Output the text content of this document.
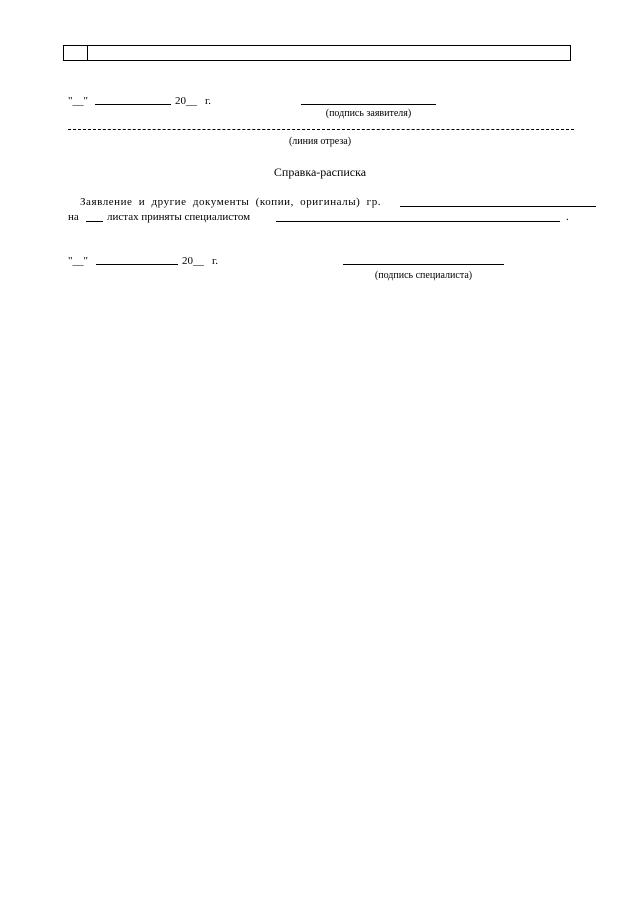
"__"	20__ г.
(подпись заявителя)
(линия отреза)
Справка-расписка
Заявление и другие документы (копии, оригиналы) гр.
на	листах приняты специалистом	.
"__"	20__ г.
(подпись специалиста)
